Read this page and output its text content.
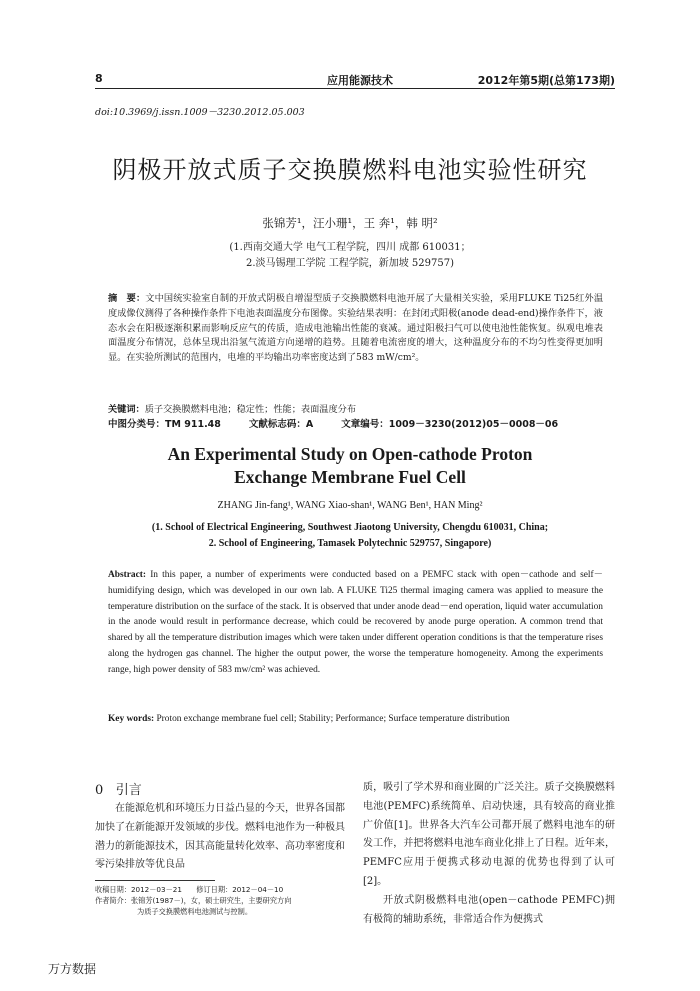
8	应用能源技术	2012年第5期(总第173期)
doi:10.3969/j.issn.1009－3230.2012.05.003
阴极开放式质子交换膜燃料电池实验性研究
张锦芳¹，汪小珊¹，王 奔¹，韩 明²
(1.西南交通大学 电气工程学院，四川 成都 610031；
2.淡马锡理工学院 工程学院，新加坡 529757)
摘　要：文中国统实验室自制的开放式阴极自增湿型质子交换膜燃料电池开展了大量相关实验，采用FLUKE Ti25红外温度成像仪测得了各种操作条件下电池表面温度分布图像。实验结果表明：在封闭式阳极(anode dead-end)操作条件下，液态水会在阳极逐渐积累而影响反应气的传质，造成电池输出性能的衰减。通过阳极扫气可以使电池性能恢复。纵观电堆表面温度分布情况，总体呈现出沿氢气流道方向递增的趋势。且随着电流密度的增大，这种温度分布的不均匀性变得更加明显。在实验所测试的范围内，电堆的平均输出功率密度达到了583 mW/cm²。
关键词：质子交换膜燃料电池；稳定性；性能；表面温度分布
中图分类号：TM 911.48	文献标志码：A	文章编号：1009－3230(2012)05－0008－06
An Experimental Study on Open-cathode Proton Exchange Membrane Fuel Cell
ZHANG Jin-fang¹, WANG Xiao-shan¹, WANG Ben¹, HAN Ming²
(1. School of Electrical Engineering, Southwest Jiaotong University, Chengdu 610031, China;
2. School of Engineering, Tamasek Polytechnic 529757, Singapore)
Abstract: In this paper, a number of experiments were conducted based on a PEMFC stack with open－cathode and self－humidifying design, which was developed in our own lab. A FLUKE Ti25 thermal imaging camera was applied to measure the temperature distribution on the surface of the stack. It is observed that under anode dead－end operation, liquid water accumulation in the anode would result in performance decrease, which could be recovered by anode purge operation. A common trend that shared by all the temperature distribution images which were taken under different operation conditions is that the temperature rises along the hydrogen gas channel. The higher the output power, the worse the temperature homogeneity. Among the experiments range, high power density of 583 mw/cm² was achieved.
Key words: Proton exchange membrane fuel cell; Stability; Performance; Surface temperature distribution
0 引言
在能源危机和环境压力日益凸显的今天，世界各国都加快了在新能源开发领域的步伐。燃料电池作为一种极具潜力的新能源技术，因其高能量转化效率、高功率密度和零污染排放等优良品
质，吸引了学术界和商业圈的广泛关注。质子交换膜燃料电池(PEMFC)系统简单、启动快速，具有较高的商业推广价值[1]。世界各大汽车公司都开展了燃料电池车的研发工作，并把将燃料电池车商业化排上了日程。近年来，PEMFC应用于便携式移动电源的优势也得到了认可[2]。
开放式阴极燃料电池(open－cathode PEMFC)拥有极简的辅助系统，非常适合作为便携式
收稿日期：2012－03－21　　修订日期：2012－04－10
作者简介：张锦芳(1987－)，女，硕士研究生，主要研究方向
为质子交换膜燃料电池测试与控制。
万方数据
